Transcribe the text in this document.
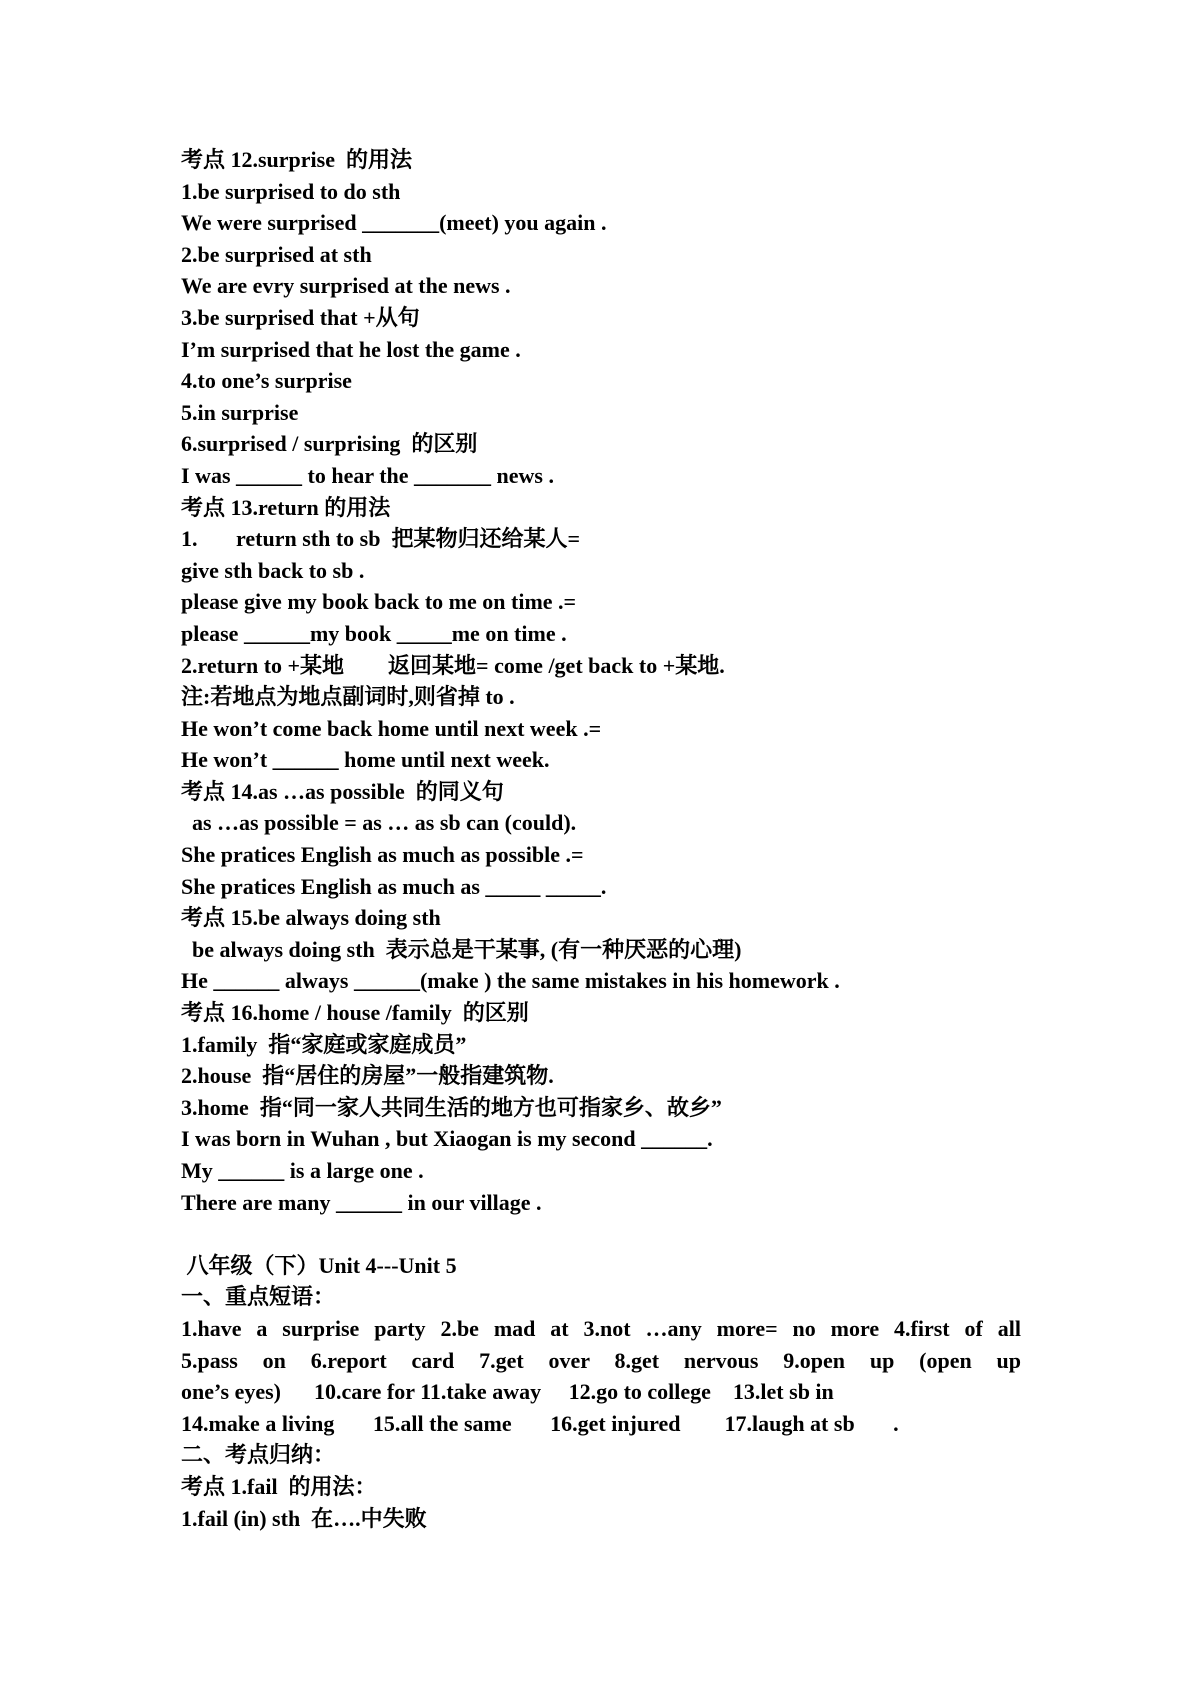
考点 12.surprise  的用法
1.be surprised to do sth
We were surprised _______(meet) you again .
2.be surprised at sth
We are evry surprised at the news .
3.be surprised that +从句
I’m surprised that he lost the game .
4.to one’s surprise
5.in surprise
6.surprised / surprising  的区别
I was ______ to hear the _______ news .
考点 13.return 的用法
1.       return sth to sb  把某物归还给某人=
give sth back to sb .
please give my book back to me on time .=
please ______my book _____me on time .
2.return to +某地        返回某地= come /get back to +某地.
注:若地点为地点副词时,则省掉 to .
He won’t come back home until next week .=
He won’t ______ home until next week.
考点 14.as …as possible  的同义句
as …as possible = as … as sb can (could).
She pratices English as much as possible .=
She pratices English as much as _____ _____.
考点 15.be always doing sth
be always doing sth  表示总是干某事, (有一种厌恶的心理)
He ______ always ______(make ) the same mistakes in his homework .
考点 16.home / house /family  的区别
1.family  指“家庭或家庭成员”
2.house  指“居住的房屋”一般指建筑物.
3.home  指“同一家人共同生活的地方也可指家乡、故乡”
I was born in Wuhan , but Xiaogan is my second ______.
My ______ is a large one .
There are many ______ in our village .
八年级（下）Unit 4---Unit 5
一、重点短语：
1.have a surprise party 2.be mad at 3.not …any more= no more 4.first of all
5.pass on 6.report card 7.get over 8.get nervous 9.open up (open up
one’s eyes)      10.care for 11.take away     12.go to college    13.let sb in
14.make a living       15.all the same       16.get injured        17.laugh at sb       .
二、考点归纳：
考点 1.fail  的用法：
1.fail (in) sth  在….中失败
